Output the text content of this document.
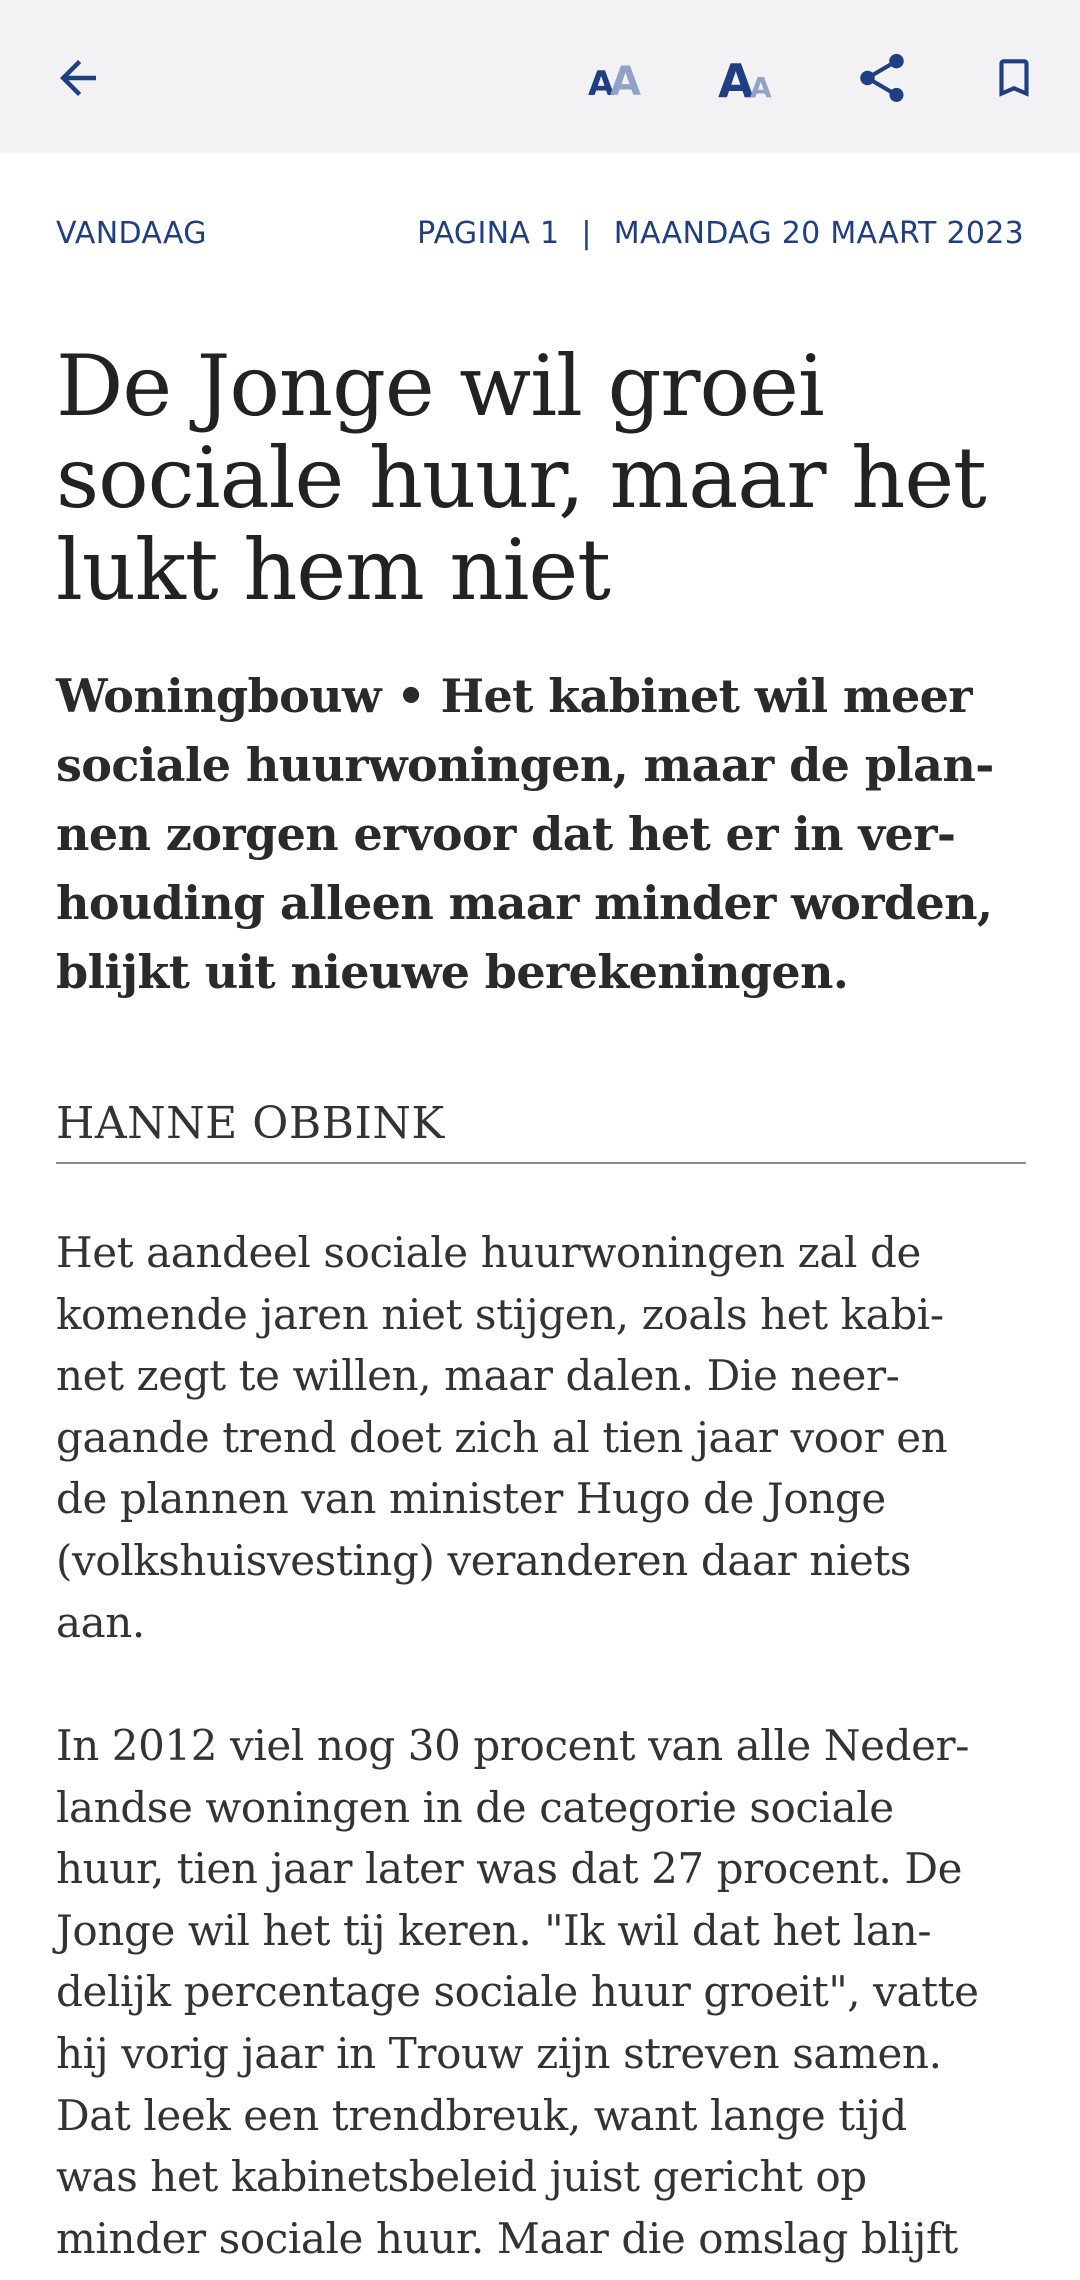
A
A A
A
VANDAAG	PAGINA 1 | MAANDAG 20 MAART 2023
De Jonge wil groei
sociale huur, maar het
lukt hem niet

Woningbouw • Het kabinet wil meer
sociale huurwoningen, maar de plan-
nen zorgen ervoor dat het er in ver-
houding alleen maar minder worden,
blijkt uit nieuwe berekeningen.

HANNE OBBINK

Het aandeel sociale huurwoningen zal de
komende jaren niet stijgen, zoals het kabi-
net zegt te willen, maar dalen. Die neer-
gaande trend doet zich al tien jaar voor en
de plannen van minister Hugo de Jonge
(volkshuisvesting) veranderen daar niets
aan.

In 2012 viel nog 30 procent van alle Neder-
landse woningen in de categorie sociale
huur, tien jaar later was dat 27 procent. De
Jonge wil het tij keren. "Ik wil dat het lan-
delijk percentage sociale huur groeit", vatte
hij vorig jaar in Trouw zijn streven samen.
Dat leek een trendbreuk, want lange tijd
was het kabinetsbeleid juist gericht op
minder sociale huur. Maar die omslag blijft
